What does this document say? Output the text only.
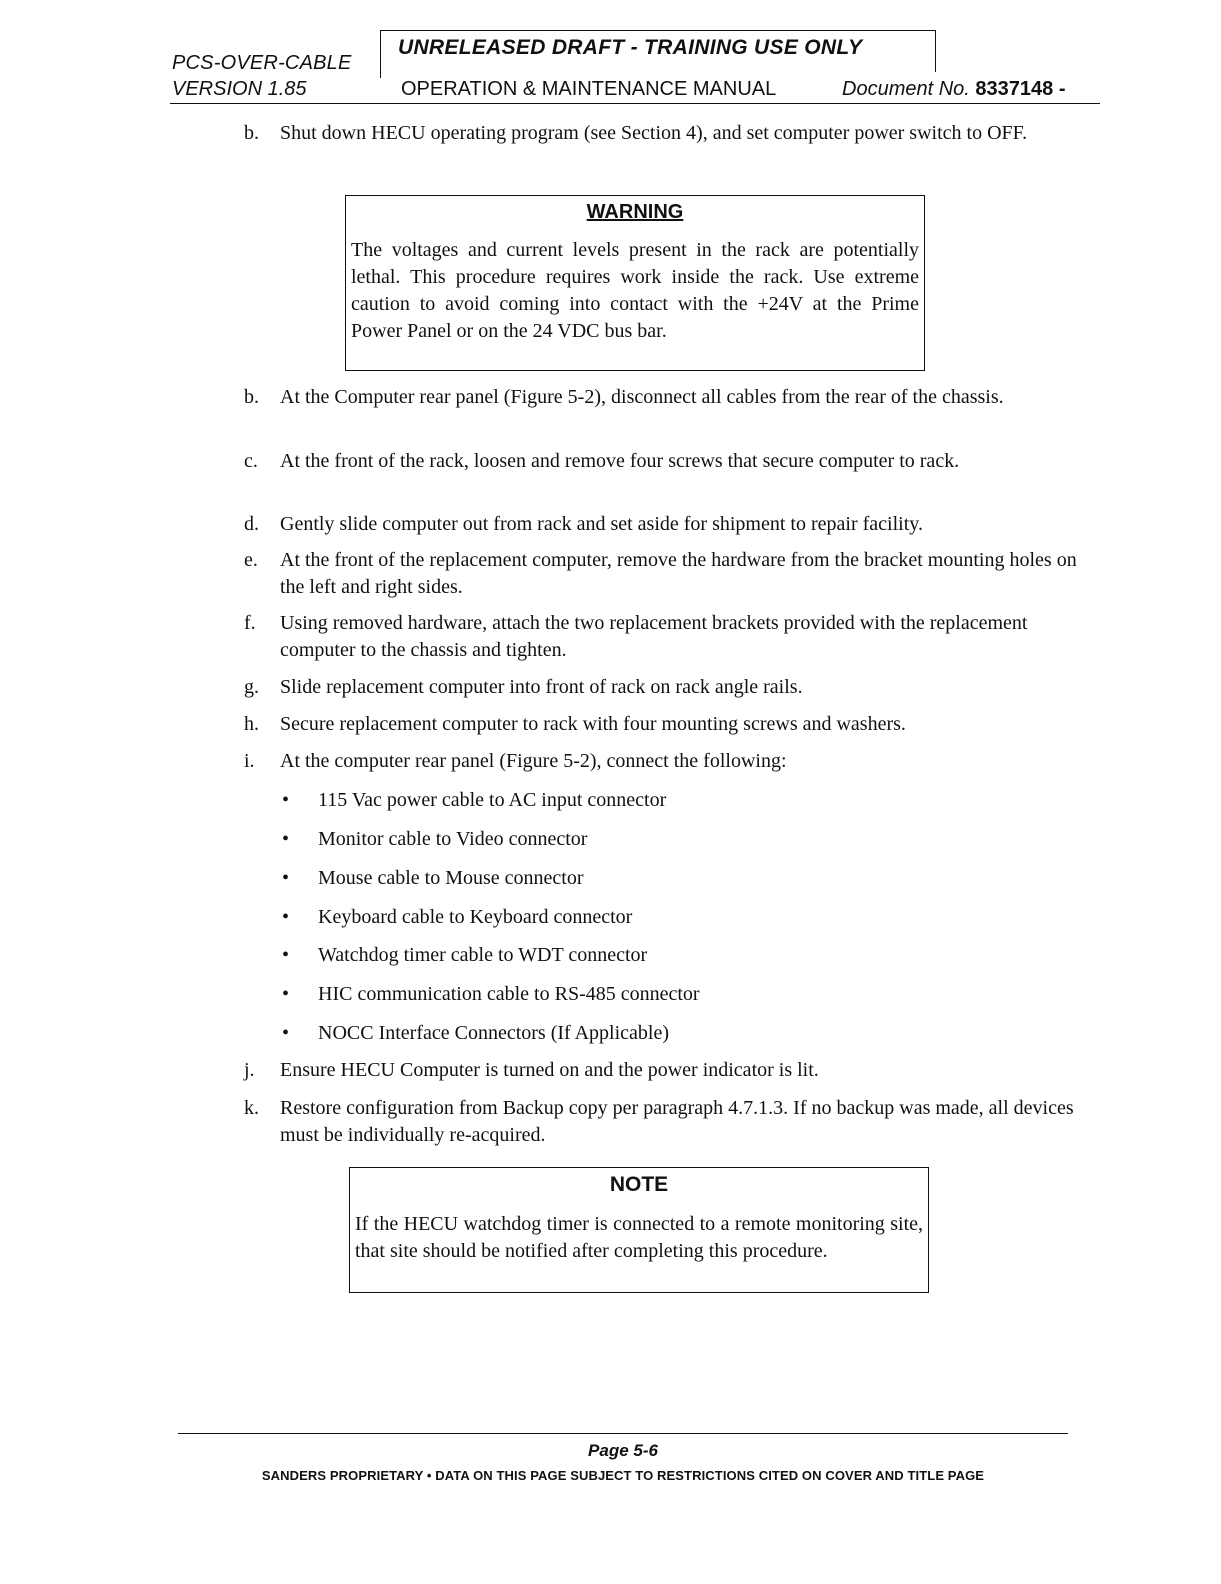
PCS-OVER-CABLE
VERSION 1.85
UNRELEASED DRAFT - TRAINING USE ONLY
OPERATION & MAINTENANCE MANUAL	Document No. 8337148 -
b.	Shut down HECU operating program (see Section 4), and set computer power switch to OFF.
WARNING
The voltages and current levels present in the rack are potentially lethal. This procedure requires work inside the rack. Use extreme caution to avoid coming into contact with the +24V at the Prime Power Panel or on the 24 VDC bus bar.
b.	At the Computer rear panel (Figure 5-2), disconnect all cables from the rear of the chassis.
c.	At the front of the rack, loosen and remove four screws that secure computer to rack.
d.	Gently slide computer out from rack and set aside for shipment to repair facility.
e.	At the front of the replacement computer, remove the hardware from the bracket mounting holes on the left and right sides.
f.	Using removed hardware, attach the two replacement brackets provided with the replacement computer to the chassis and tighten.
g.	Slide replacement computer into front of rack on rack angle rails.
h.	Secure replacement computer to rack with four mounting screws and washers.
i.	At the computer rear panel (Figure 5-2), connect the following:
• 115 Vac power cable to AC input connector
• Monitor cable to Video connector
• Mouse cable to Mouse connector
• Keyboard cable to Keyboard connector
• Watchdog timer cable to WDT connector
• HIC communication cable to RS-485 connector
• NOCC Interface Connectors (If Applicable)
j.	Ensure HECU Computer is turned on and the power indicator is lit.
k.	Restore configuration from Backup copy per paragraph 4.7.1.3. If no backup was made, all devices must be individually re-acquired.
NOTE
If the HECU watchdog timer is connected to a remote monitoring site, that site should be notified after completing this procedure.
Page 5-6
SANDERS PROPRIETARY • DATA ON THIS PAGE SUBJECT TO RESTRICTIONS CITED ON COVER AND TITLE PAGE
